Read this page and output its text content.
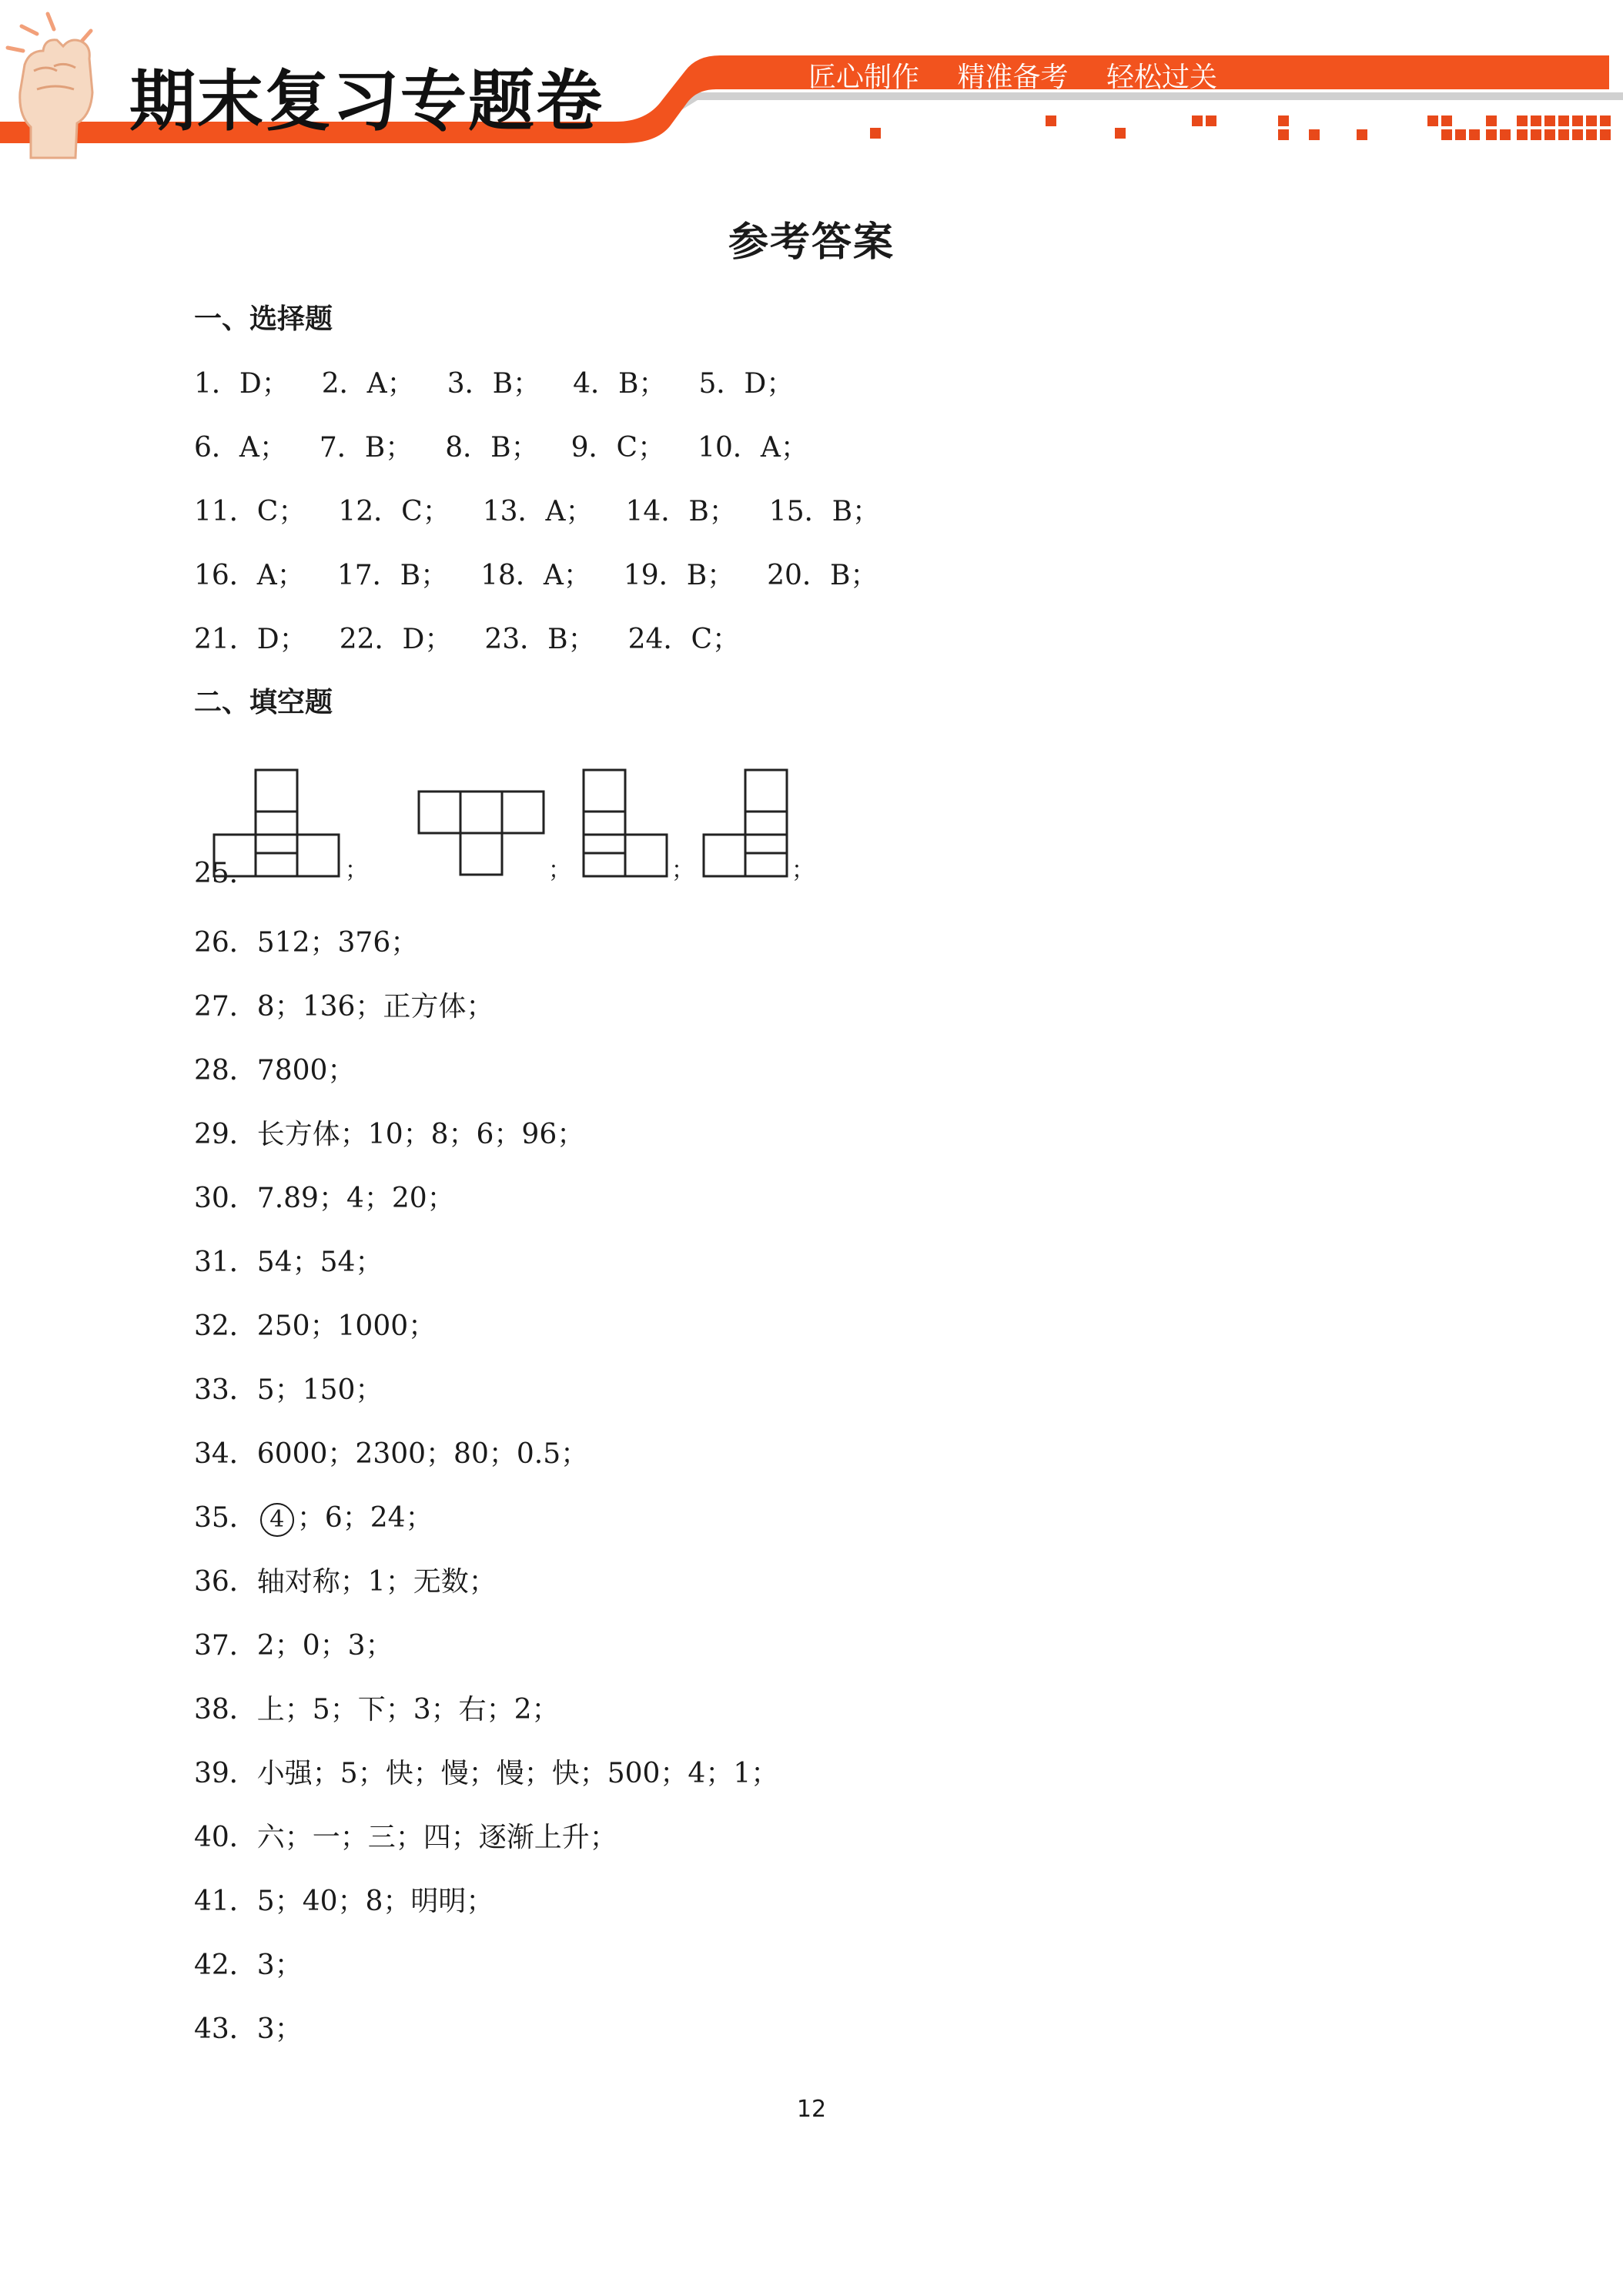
期末复习专题卷	匠心制作 精准备考 轻松过关
参考答案
一、选择题
1．D； 2．A； 3．B； 4．B； 5．D；
6．A； 7．B； 8．B； 9．C； 10．A；
11．C； 12．C； 13．A； 14．B； 15．B；
16．A； 17．B； 18．A； 19．B； 20．B；
21．D； 22．D； 23．B； 24．C；
二、填空题
25．	；	；	；	；
26．512；376；
27．8；136；正方体；
28．7800；
29．长方体；10；8；6；96；
30．7.89；4；20；
31．54；54；
32．250；1000；
33．5；150；
34．6000；2300；80；0.5；
35． 4 ；6；24；
36．轴对称；1；无数；
37．2；0；3；
38．上；5；下；3；右；2；
39．小强；5；快；慢；慢；快；500；4；1；
40．六；一；三；四；逐渐上升；
41．5；40；8；明明；
42．3；
43．3；
12
